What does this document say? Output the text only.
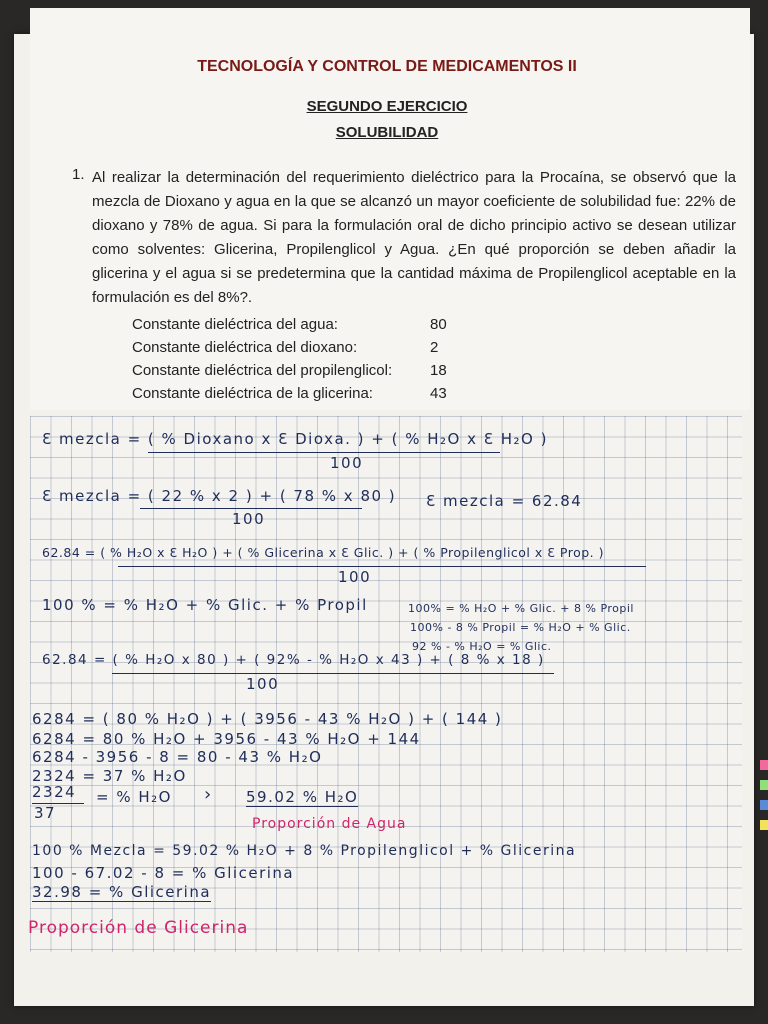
TECNOLOGÍA Y CONTROL DE MEDICAMENTOS II
SEGUNDO EJERCICIO
SOLUBILIDAD
1. Al realizar la determinación del requerimiento dieléctrico para la Procaína, se observó que la mezcla de Dioxano y agua en la que se alcanzó un mayor coeficiente de solubilidad fue: 22% de dioxano y 78% de agua. Si para la formulación oral de dicho principio activo se desean utilizar como solventes: Glicerina, Propilenglicol y Agua. ¿En qué proporción se deben añadir la glicerina y el agua si se predetermina que la cantidad máxima de Propilenglicol aceptable en la formulación es del 8%?.
Constante dieléctrica del agua:	80
Constante dieléctrica del dioxano:	2
Constante dieléctrica del propilenglicol:	18
Constante dieléctrica de la glicerina:	43
Ɛ mezcla = ( % Dioxano x Ɛ Dioxa. ) + ( % H₂O x Ɛ H₂O )
100
Ɛ mezcla = ( 22 % x 2 ) + ( 78 % x 80 )
100
Ɛ mezcla = 62.84
62.84 = ( % H₂O x Ɛ H₂O ) + ( % Glicerina x Ɛ Glic. ) + ( % Propilenglicol x Ɛ Prop. )
100
100 % = % H₂O + % Glic. + % Propil	100% = % H₂O + % Glic. + 8 % Propil
100% - 8 % Propil = % H₂O + % Glic.
92 % - % H₂O = % Glic.
62.84 = ( % H₂O x 80 ) + ( 92% - % H₂O x 43 ) + ( 8 % x 18 )
100
6284 = ( 80 % H₂O ) + ( 3956 - 43 % H₂O ) + ( 144 )
6284 = 80 % H₂O + 3956 - 43 % H₂O + 144
6284 - 3956 - 8 = 80 - 43 % H₂O
2324 = 37 % H₂O
2324
37
= % H₂O › 59.02 % H₂O
Proporción de Agua
100 % Mezcla = 59.02 % H₂O + 8 % Propilenglicol + % Glicerina
100 - 67.02 - 8 = % Glicerina
32.98 = % Glicerina
Proporción de Glicerina
